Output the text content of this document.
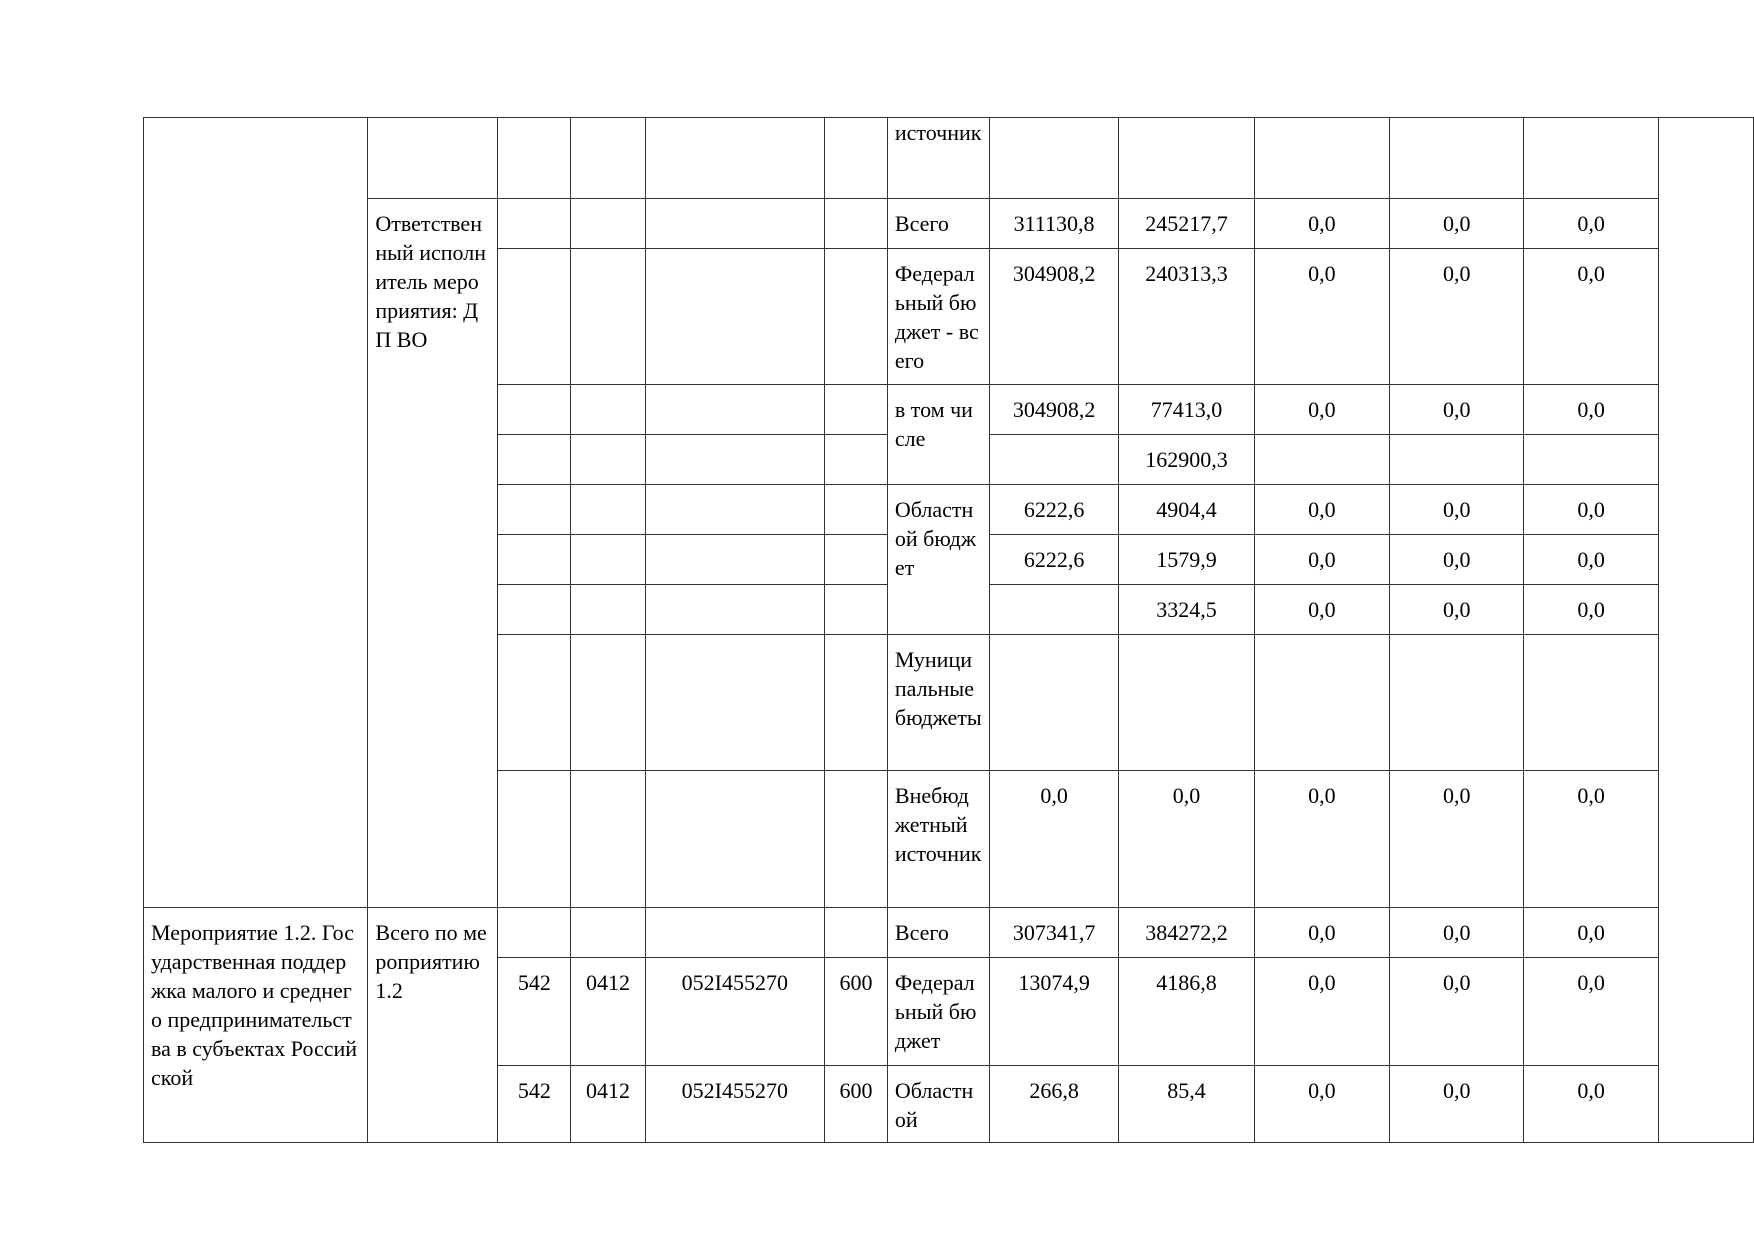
						источник						
	Ответственный исполнитель мероприятия: ДП ВО					Всего	311130,8	245217,7	0,0	0,0	0,0	
						Федеральный бюджет - всего	304908,2	240313,3	0,0	0,0	0,0	
						в том числе	304908,2	77413,0	0,0	0,0	0,0	
								162900,3				
						Областной бюджет	6222,6	4904,4	0,0	0,0	0,0	
							6222,6	1579,9	0,0	0,0	0,0	
								3324,5	0,0	0,0	0,0	
						Муниципальные бюджеты						
						Внебюджетный источник	0,0	0,0	0,0	0,0	0,0	
Мероприятие 1.2. Государственная поддержка малого и среднего предпринимательства в субъектах Российской	Всего по мероприятию 1.2					Всего	307341,7	384272,2	0,0	0,0	0,0	
		542	0412	052I455270	600	Федеральный бюджет	13074,9	4186,8	0,0	0,0	0,0	
		542	0412	052I455270	600	Областной	266,8	85,4	0,0	0,0	0,0	
